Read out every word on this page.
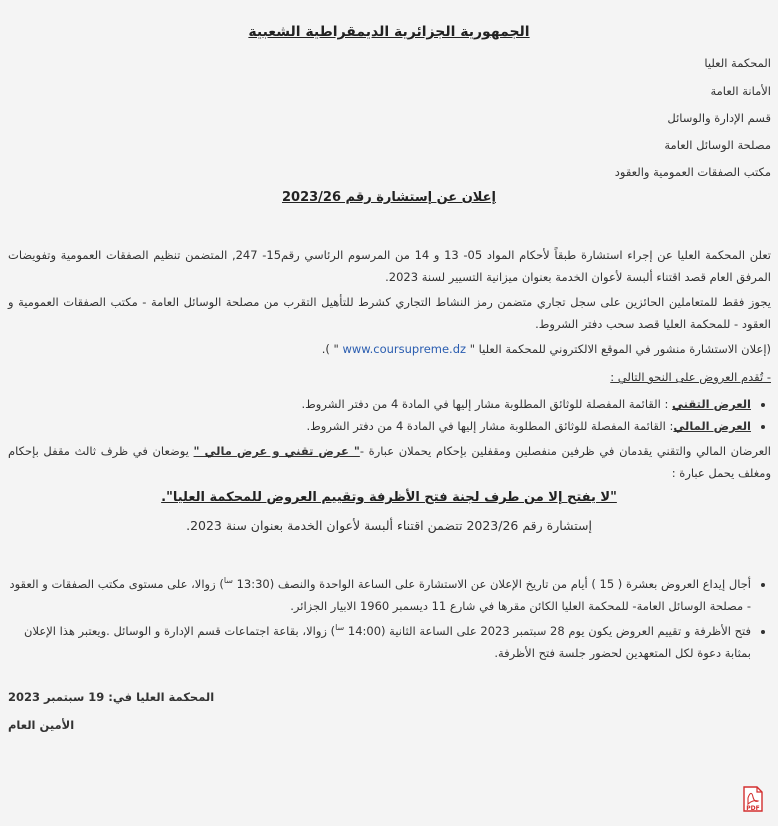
الجمهورية الجزائرية الديمقراطية الشعبية
المحكمة العليا
الأمانة العامة
قسم الإدارة والوسائل
مصلحة الوسائل العامة
مكتب الصفقات العمومية والعقود
إعلان عن إستشارة رقم 2023/26
تعلن المحكمة العليا عن إجراء استشارة طبقاً لأحكام المواد 05- 13 و 14 من المرسوم الرئاسي رقم15- 247, المتضمن تنظيم الصفقات العمومية وتفويضات المرفق العام قصد اقتناء ألبسة لأعوان الخدمة بعنوان ميزانية التسيير لسنة 2023.
يجوز فقط للمتعاملين الحائزين على سجل تجاري متضمن رمز النشاط التجاري كشرط للتأهيل التقرب من مصلحة الوسائل العامة - مكتب الصفقات العمومية و العقود - للمحكمة العليا قصد سحب دفتر الشروط.
(إعلان الاستشارة منشور في الموقع الالكتروني للمحكمة العليا " www.coursupreme.dz " ).
- تُقدم العروض على النحو التالي :
• العرض التقني : القائمة المفصلة للوثائق المطلوبة مشار إليها في المادة 4 من دفتر الشروط.
• العرض المالي: القائمة المفصلة للوثائق المطلوبة مشار إليها في المادة 4 من دفتر الشروط.
العرضان المالي والتقني يقدمان في ظرفين منفصلين ومقفلين بإحكام يحملان عبارة -" عرض تقني و عرض مالي " يوضعان في ظرف ثالث مقفل بإحكام ومغلف يحمل عبارة :
"لا يفتح إلا من طرف لجنة فتح الأظرفة وتقييم العروض للمحكمة العليا".
إستشارة رقم 2023/26 تتضمن اقتناء ألبسة لأعوان الخدمة بعنوان سنة 2023.
• أجال إيداع العروض بعشرة ( 15 ) أيام من تاريخ الإعلان عن الاستشارة على الساعة الواحدة والنصف (13:30 $^{سا}$) زوالا، على مستوى مكتب الصفقات و العقود - مصلحة الوسائل العامة- للمحكمة العليا الكائن مقرها في شارع 11 ديسمبر 1960 الابيار الجزائر.
• فتح الأظرفة و تقييم العروض يكون يوم 28 سبتمبر 2023 على الساعة الثانية (14:00 $^{سا}$) زوالا، بقاعة اجتماعات قسم الإدارة و الوسائل .ويعتبر هذا الإعلان بمثابة دعوة لكل المتعهدين لحضور جلسة فتح الأظرفة.
المحكمة العليا في: 19 سبتمبر 2023
الأمين العام
PDF
